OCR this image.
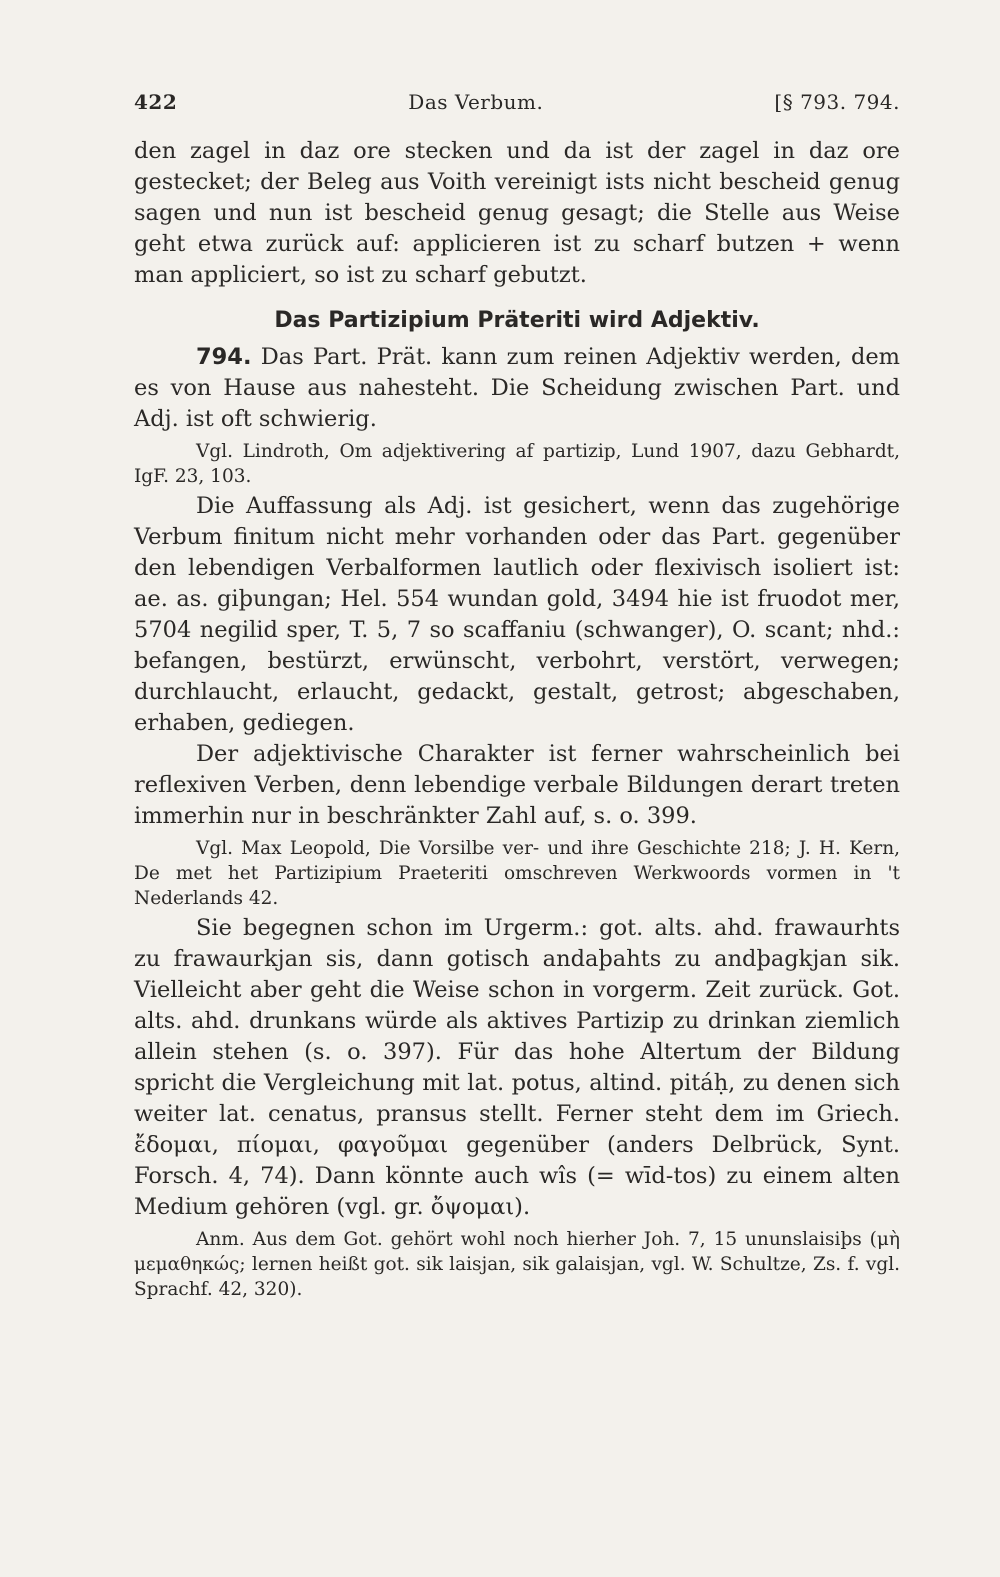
422	Das Verbum.	[§ 793. 794.

den zagel in daz ore stecken und da ist der zagel in daz ore gestecket; der Beleg aus Voith vereinigt ists nicht bescheid genug sagen und nun ist bescheid genug gesagt; die Stelle aus Weise geht etwa zurück auf: applicieren ist zu scharf butzen + wenn man appliciert, so ist zu scharf gebutzt.

Das Partizipium Präteriti wird Adjektiv.

794. Das Part. Prät. kann zum reinen Adjektiv werden, dem es von Hause aus nahesteht. Die Scheidung zwischen Part. und Adj. ist oft schwierig.

Vgl. Lindroth, Om adjektivering af partizip, Lund 1907, dazu Gebhardt, IgF. 23, 103.

Die Auffassung als Adj. ist gesichert, wenn das zugehörige Verbum finitum nicht mehr vorhanden oder das Part. gegenüber den lebendigen Verbalformen lautlich oder flexivisch isoliert ist: ae. as. giþungan; Hel. 554 wundan gold, 3494 hie ist fruodot mer, 5704 negilid sper, T. 5, 7 so scaffaniu (schwanger), O. scant; nhd.: befangen, bestürzt, erwünscht, verbohrt, verstört, verwegen; durchlaucht, erlaucht, gedackt, gestalt, getrost; abgeschaben, erhaben, gediegen.

Der adjektivische Charakter ist ferner wahrscheinlich bei reflexiven Verben, denn lebendige verbale Bildungen derart treten immerhin nur in beschränkter Zahl auf, s. o. 399.

Vgl. Max Leopold, Die Vorsilbe ver- und ihre Geschichte 218; J. H. Kern, De met het Partizipium Praeteriti omschreven Werkwoords vormen in 't Nederlands 42.

Sie begegnen schon im Urgerm.: got. alts. ahd. frawaurhts zu frawaurkjan sis, dann gotisch andaþahts zu andþagkjan sik. Vielleicht aber geht die Weise schon in vorgerm. Zeit zurück. Got. alts. ahd. drunkans würde als aktives Partizip zu drinkan ziemlich allein stehen (s. o. 397). Für das hohe Altertum der Bildung spricht die Vergleichung mit lat. potus, altind. pitáḥ, zu denen sich weiter lat. cenatus, pransus stellt. Ferner steht dem im Griech. ἔδομαι, πίομαι, φαγοῦμαι gegenüber (anders Delbrück, Synt. Forsch. 4, 74). Dann könnte auch wîs (= wīd-tos) zu einem alten Medium gehören (vgl. gr. ὄψομαι).

Anm. Aus dem Got. gehört wohl noch hierher Joh. 7, 15 ununslaisiþs (μὴ μεμαθηκώς; lernen heißt got. sik laisjan, sik galaisjan, vgl. W. Schultze, Zs. f. vgl. Sprachf. 42, 320).
